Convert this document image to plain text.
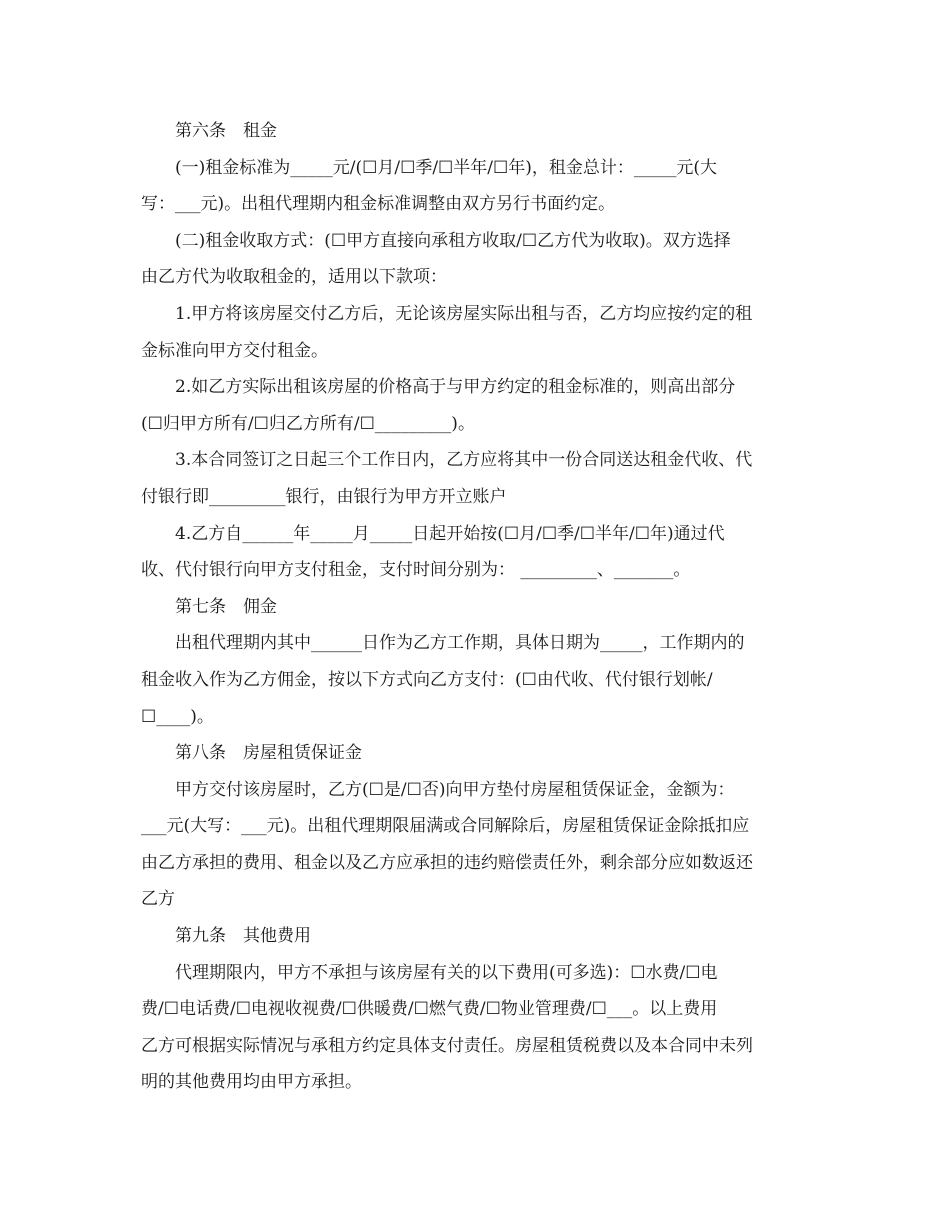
第六条　租金
(一)租金标准为_____元/(☐月/☐季/☐半年/☐年)，租金总计：_____元(大
写：___元)。出租代理期内租金标准调整由双方另行书面约定。
(二)租金收取方式：(☐甲方直接向承租方收取/☐乙方代为收取)。双方选择
由乙方代为收取租金的，适用以下款项：
1.甲方将该房屋交付乙方后，无论该房屋实际出租与否，乙方均应按约定的租
金标准向甲方交付租金。
2.如乙方实际出租该房屋的价格高于与甲方约定的租金标准的，则高出部分
(☐归甲方所有/☐归乙方所有/☐_________)。
3.本合同签订之日起三个工作日内，乙方应将其中一份合同送达租金代收、代
付银行即_________银行，由银行为甲方开立账户
4.乙方自______年_____月_____日起开始按(☐月/☐季/☐半年/☐年)通过代
收、代付银行向甲方支付租金，支付时间分别为： _________、_______。
第七条　佣金
出租代理期内其中______日作为乙方工作期，具体日期为_____，工作期内的
租金收入作为乙方佣金，按以下方式向乙方支付：(☐由代收、代付银行划帐/
☐____)。
第八条　房屋租赁保证金
甲方交付该房屋时，乙方(☐是/☐否)向甲方垫付房屋租赁保证金，金额为：
___元(大写：___元)。出租代理期限届满或合同解除后，房屋租赁保证金除抵扣应
由乙方承担的费用、租金以及乙方应承担的违约赔偿责任外，剩余部分应如数返还
乙方
第九条　其他费用
代理期限内，甲方不承担与该房屋有关的以下费用(可多选)：☐水费/☐电
费/☐电话费/☐电视收视费/☐供暖费/☐燃气费/☐物业管理费/☐___。以上费用
乙方可根据实际情况与承租方约定具体支付责任。房屋租赁税费以及本合同中未列
明的其他费用均由甲方承担。
